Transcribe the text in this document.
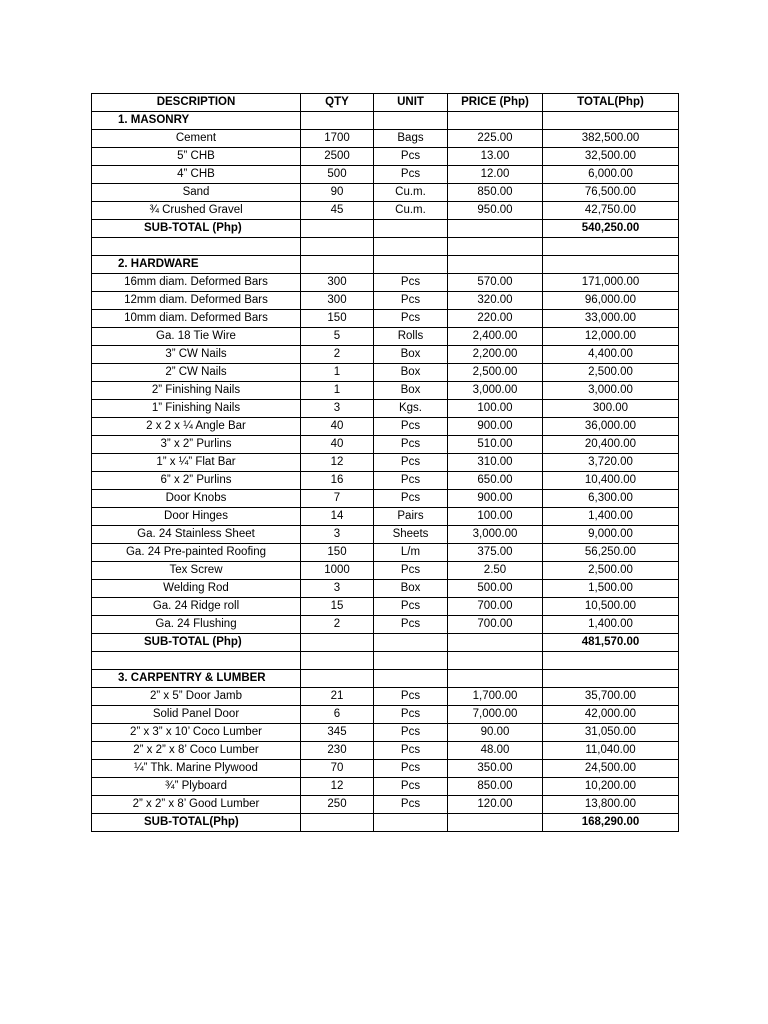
DESCRIPTION	QTY	UNIT	PRICE (Php)	TOTAL(Php)
1. MASONRY				
Cement	1700	Bags	225.00	382,500.00
5” CHB	2500	Pcs	13.00	32,500.00
4” CHB	500	Pcs	12.00	6,000.00
Sand	90	Cu.m.	850.00	76,500.00
¾ Crushed Gravel	45	Cu.m.	950.00	42,750.00
SUB-TOTAL (Php)				540,250.00

2. HARDWARE				
16mm diam. Deformed Bars	300	Pcs	570.00	171,000.00
12mm diam. Deformed Bars	300	Pcs	320.00	96,000.00
10mm diam. Deformed Bars	150	Pcs	220.00	33,000.00
Ga. 18 Tie Wire	5	Rolls	2,400.00	12,000.00
3” CW Nails	2	Box	2,200.00	4,400.00
2” CW Nails	1	Box	2,500.00	2,500.00
2” Finishing Nails	1	Box	3,000.00	3,000.00
1” Finishing Nails	3	Kgs.	100.00	300.00
2 x 2 x ¼ Angle Bar	40	Pcs	900.00	36,000.00
3” x 2” Purlins	40	Pcs	510.00	20,400.00
1” x ¼” Flat Bar	12	Pcs	310.00	3,720.00
6” x 2” Purlins	16	Pcs	650.00	10,400.00
Door Knobs	7	Pcs	900.00	6,300.00
Door Hinges	14	Pairs	100.00	1,400.00
Ga. 24 Stainless Sheet	3	Sheets	3,000.00	9,000.00
Ga. 24 Pre-painted Roofing	150	L/m	375.00	56,250.00
Tex Screw	1000	Pcs	2.50	2,500.00
Welding Rod	3	Box	500.00	1,500.00
Ga. 24 Ridge roll	15	Pcs	700.00	10,500.00
Ga. 24 Flushing	2	Pcs	700.00	1,400.00
SUB-TOTAL (Php)				481,570.00

3. CARPENTRY & LUMBER				
2” x 5” Door Jamb	21	Pcs	1,700.00	35,700.00
Solid Panel Door	6	Pcs	7,000.00	42,000.00
2” x 3” x 10’ Coco Lumber	345	Pcs	90.00	31,050.00
2” x 2” x 8’ Coco Lumber	230	Pcs	48.00	11,040.00
¼” Thk. Marine Plywood	70	Pcs	350.00	24,500.00
¾” Plyboard	12	Pcs	850.00	10,200.00
2” x 2” x 8’ Good Lumber	250	Pcs	120.00	13,800.00
SUB-TOTAL(Php)				168,290.00
